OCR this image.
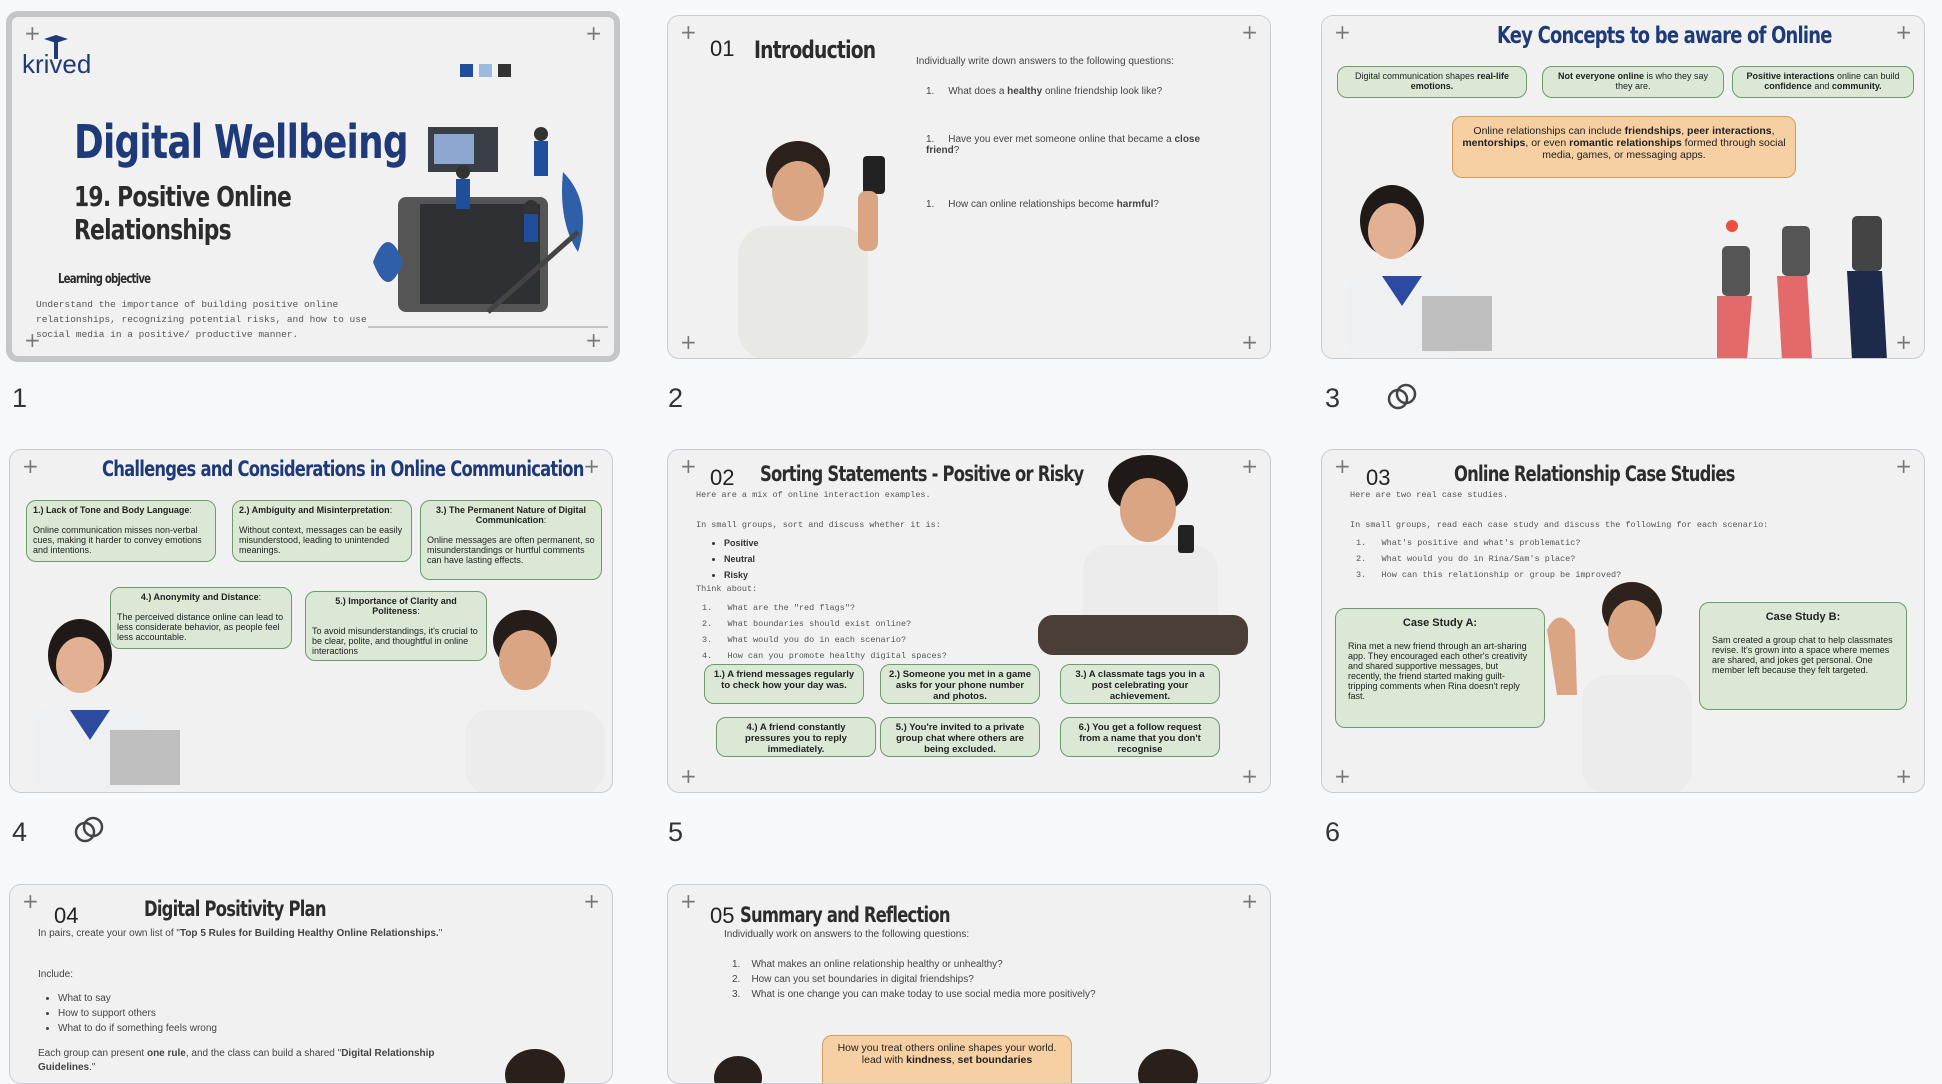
+	+
+	+
krived
Digital Wellbeing
19. Positive Online
Relationships
Learning objective
Understand the importance of building positive online relationships, recognizing potential risks, and how to use social media in a positive/ productive manner.
1
+	+
+	+
01 Introduction	Individually write down answers to the following questions:
1.     What does a healthy online friendship look like?
1.     Have you ever met someone online that became a close friend?
1.     How can online relationships become harmful?
2
+	+
+
Key Concepts to be aware of Online
Digital communication shapes real-life emotions.
Not everyone online is who they say they are.
Positive interactions online can build confidence and community.
Online relationships can include friendships, peer interactions, mentorships, or even romantic relationships formed through social media, games, or messaging apps.
3
+	+
Challenges and Considerations in Online Communication
1.) Lack of Tone and Body Language:

Online communication misses non-verbal cues, making it harder to convey emotions and intentions.
2.) Ambiguity and Misinterpretation:

Without context, messages can be easily misunderstood, leading to unintended meanings.
3.) The Permanent Nature of Digital Communication:

Online messages are often permanent, so misunderstandings or hurtful comments can have lasting effects.
4.) Anonymity and Distance:

The perceived distance online can lead to less considerate behavior, as people feel less accountable.
5.) Importance of Clarity and Politeness:

To avoid misunderstandings, it's crucial to be clear, polite, and thoughtful in online interactions
4
+	+
+	+
02 Sorting Statements - Positive or Risky
Here are a mix of online interaction examples.
In small groups, sort and discuss whether it is:
• Positive
• Neutral
• Risky
Think about:
1.   What are the "red flags"?
2.   What boundaries should exist online?
3.   What would you do in each scenario?
4.   How can you promote healthy digital spaces?
1.) A friend messages regularly to check how your day was.
2.) Someone you met in a game asks for your phone number and photos.
3.) A classmate tags you in a post celebrating your achievement.
4.) A friend constantly pressures you to reply immediately.
5.) You're invited to a private group chat where others are being excluded.
6.) You get a follow request from a name that you don't recognise
5
+	+
+	+
03	Online Relationship Case Studies
Here are two real case studies.
In small groups, read each case study and discuss the following for each scenario:
1.   What's positive and what's problematic?
2.   What would you do in Rina/Sam's place?
3.   How can this relationship or group be improved?
Case Study A:
Rina met a new friend through an art-sharing app. They encouraged each other's creativity and shared supportive messages, but recently, the friend started making guilt-tripping comments when Rina doesn't reply fast.
Case Study B:
Sam created a group chat to help classmates revise. It's grown into a space where memes are shared, and jokes get personal. One member left because they felt targeted.
6
+	+
04	Digital Positivity Plan
In pairs, create your own list of "Top 5 Rules for Building Healthy Online Relationships."
Include:
• What to say
• How to support others
• What to do if something feels wrong
Each group can present one rule, and the class can build a shared "Digital Relationship Guidelines."
+	+
05 Summary and Reflection
Individually work on answers to the following questions:
1.    What makes an online relationship healthy or unhealthy?
2.    How can you set boundaries in digital friendships?
3.    What is one change you can make today to use social media more positively?
How you treat others online shapes your world. lead with kindness, set boundaries
